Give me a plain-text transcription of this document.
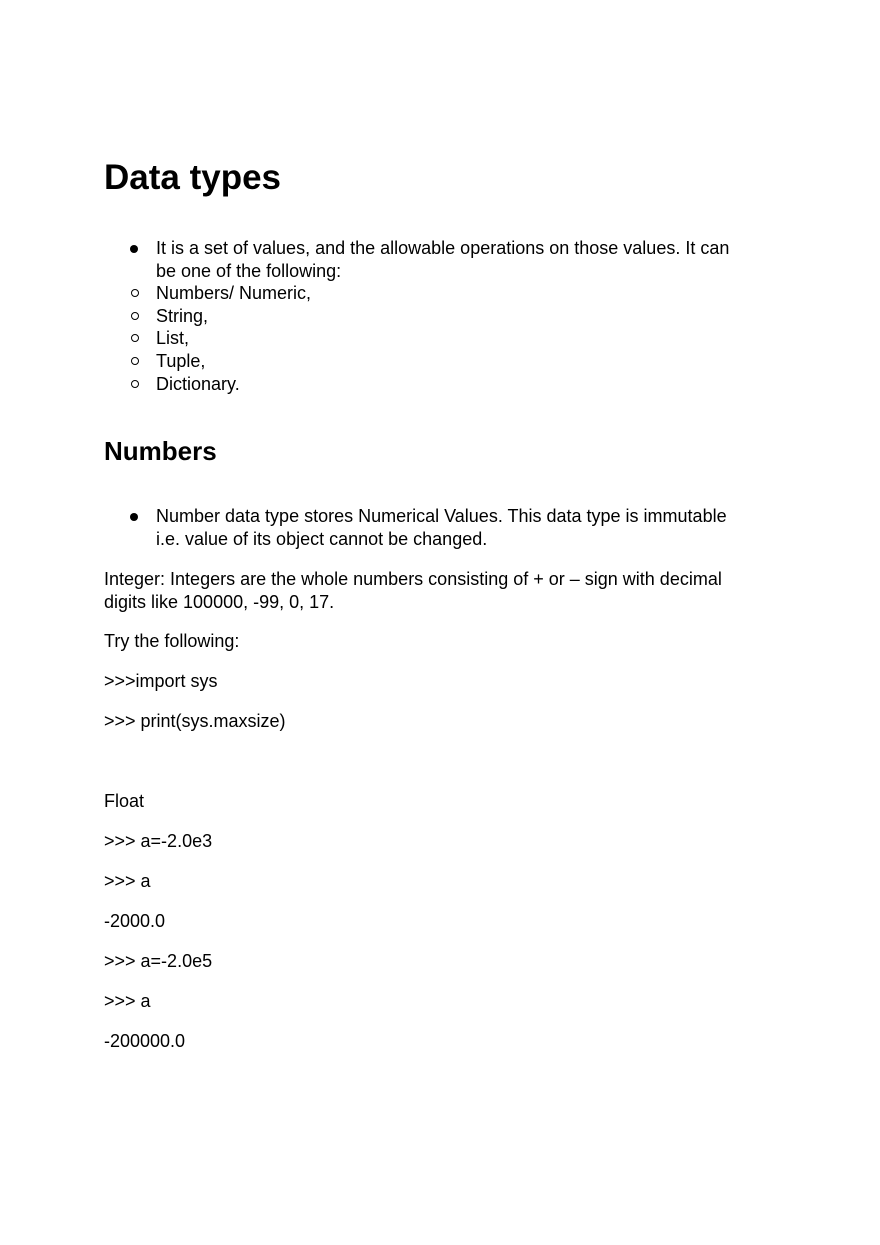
Data types
It is a set of values, and the allowable operations on those values. It can
be one of the following:
Numbers/ Numeric,
String,
List,
Tuple,
Dictionary.
Numbers
Number data type stores Numerical Values. This data type is immutable
i.e. value of its object cannot be changed.
Integer: Integers are the whole numbers consisting of + or – sign with decimal
digits like 100000, -99, 0, 17.

Try the following:

>>>import sys

>>> print(sys.maxsize)

Float

>>> a=-2.0e3

>>> a

-2000.0

>>> a=-2.0e5

>>> a

-200000.0
